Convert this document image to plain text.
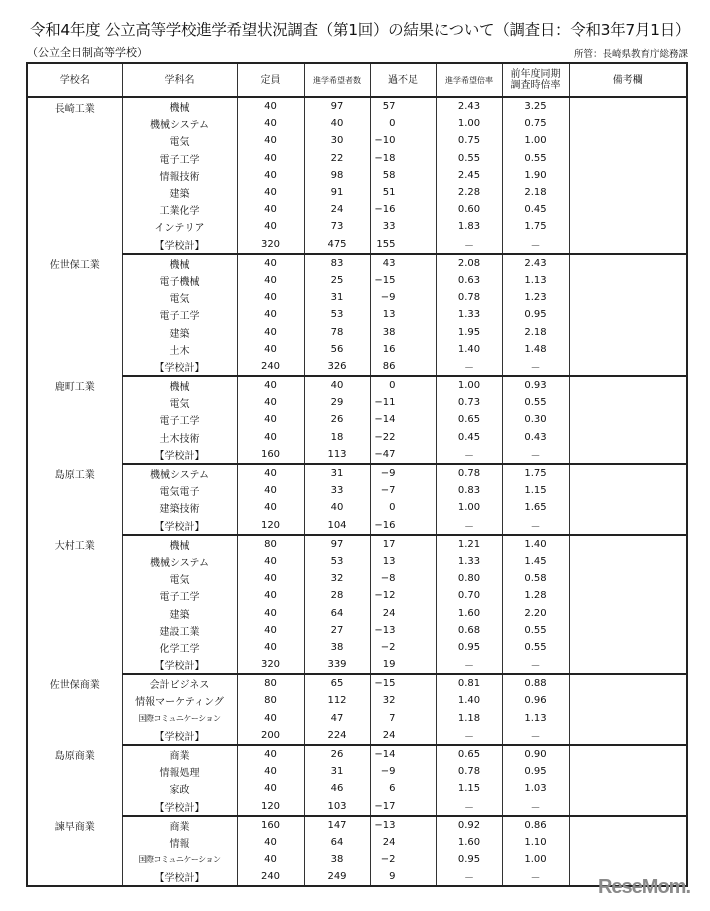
令和4年度 公立高等学校進学希望状況調査（第1回）の結果について（調査日：令和3年7月1日）
（公立全日制高等学校）	所管：長崎県教育庁総務課
学校名	学科名	定員	進学希望者数	過不足	進学希望倍率	前年度同期調査時倍率	備考欄
長崎工業	機械	40	97	57	2.43	3.25	
	機械システム	40	40	0	1.00	0.75	
	電気	40	30	−10	0.75	1.00	
	電子工学	40	22	−18	0.55	0.55	
	情報技術	40	98	58	2.45	1.90	
	建築	40	91	51	2.28	2.18	
	工業化学	40	24	−16	0.60	0.45	
	インテリア	40	73	33	1.83	1.75	
	【学校計】	320	475	155	－	－	
佐世保工業	機械	40	83	43	2.08	2.43	
	電子機械	40	25	−15	0.63	1.13	
	電気	40	31	−9	0.78	1.23	
	電子工学	40	53	13	1.33	0.95	
	建築	40	78	38	1.95	2.18	
	土木	40	56	16	1.40	1.48	
	【学校計】	240	326	86	－	－	
鹿町工業	機械	40	40	0	1.00	0.93	
	電気	40	29	−11	0.73	0.55	
	電子工学	40	26	−14	0.65	0.30	
	土木技術	40	18	−22	0.45	0.43	
	【学校計】	160	113	−47	－	－	
島原工業	機械システム	40	31	−9	0.78	1.75	
	電気電子	40	33	−7	0.83	1.15	
	建築技術	40	40	0	1.00	1.65	
	【学校計】	120	104	−16	－	－	
大村工業	機械	80	97	17	1.21	1.40	
	機械システム	40	53	13	1.33	1.45	
	電気	40	32	−8	0.80	0.58	
	電子工学	40	28	−12	0.70	1.28	
	建築	40	64	24	1.60	2.20	
	建設工業	40	27	−13	0.68	0.55	
	化学工学	40	38	−2	0.95	0.55	
	【学校計】	320	339	19	－	－	
佐世保商業	会計ビジネス	80	65	−15	0.81	0.88	
	情報マーケティング	80	112	32	1.40	0.96	
	国際コミュニケーション	40	47	7	1.18	1.13	
	【学校計】	200	224	24	－	－	
島原商業	商業	40	26	−14	0.65	0.90	
	情報処理	40	31	−9	0.78	0.95	
	家政	40	46	6	1.15	1.03	
	【学校計】	120	103	−17	－	－	
諫早商業	商業	160	147	−13	0.92	0.86	
	情報	40	64	24	1.60	1.10	
	国際コミュニケーション	40	38	−2	0.95	1.00	
	【学校計】	240	249	9	－	－		ReseMom.
